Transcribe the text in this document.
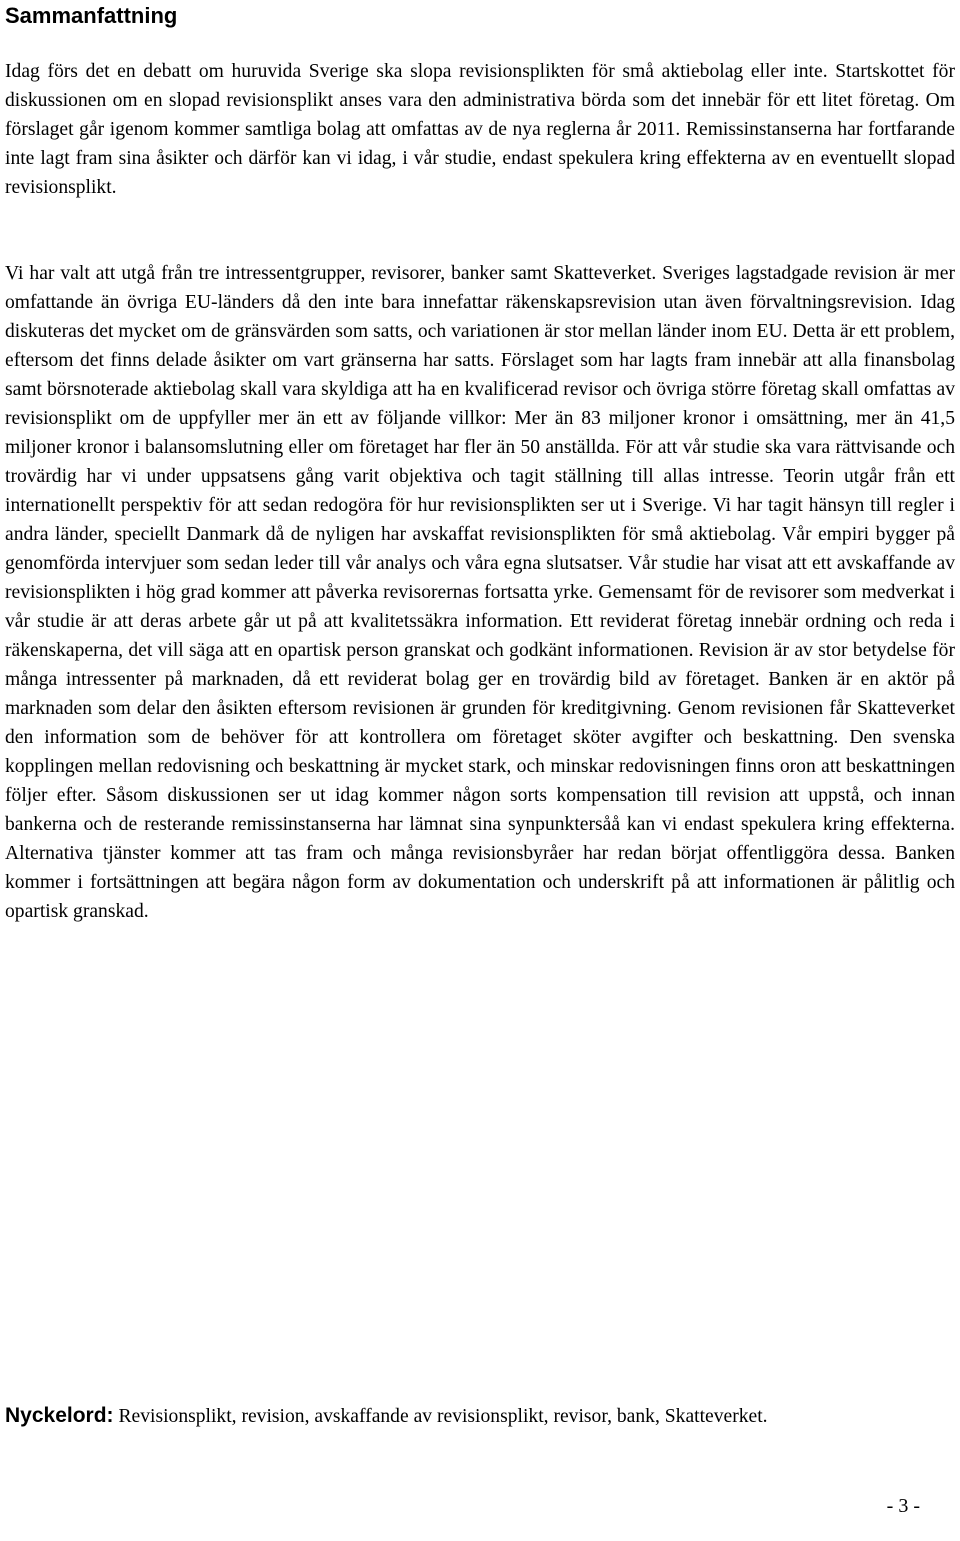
Sammanfattning

Idag förs det en debatt om huruvida Sverige ska slopa revisionsplikten för små aktiebolag eller inte. Startskottet för diskussionen om en slopad revisionsplikt anses vara den administrativa börda som det innebär för ett litet företag. Om förslaget går igenom kommer samtliga bolag att omfattas av de nya reglerna år 2011. Remissinstanserna har fortfarande inte lagt fram sina åsikter och därför kan vi idag, i vår studie, endast spekulera kring effekterna av en eventuellt slopad revisionsplikt.

Vi har valt att utgå från tre intressentgrupper, revisorer, banker samt Skatteverket. Sveriges lagstadgade revision är mer omfattande än övriga EU-länders då den inte bara innefattar räkenskapsrevision utan även förvaltningsrevision. Idag diskuteras det mycket om de gränsvärden som satts, och variationen är stor mellan länder inom EU. Detta är ett problem, eftersom det finns delade åsikter om vart gränserna har satts. Förslaget som har lagts fram innebär att alla finansbolag samt börsnoterade aktiebolag skall vara skyldiga att ha en kvalificerad revisor och övriga större företag skall omfattas av revisionsplikt om de uppfyller mer än ett av följande villkor: Mer än 83 miljoner kronor i omsättning, mer än 41,5 miljoner kronor i balansomslutning eller om företaget har fler än 50 anställda. För att vår studie ska vara rättvisande och trovärdig har vi under uppsatsens gång varit objektiva och tagit ställning till allas intresse. Teorin utgår från ett internationellt perspektiv för att sedan redogöra för hur revisionsplikten ser ut i Sverige. Vi har tagit hänsyn till regler i andra länder, speciellt Danmark då de nyligen har avskaffat revisionsplikten för små aktiebolag. Vår empiri bygger på genomförda intervjuer som sedan leder till vår analys och våra egna slutsatser. Vår studie har visat att ett avskaffande av revisionsplikten i hög grad kommer att påverka revisorernas fortsatta yrke. Gemensamt för de revisorer som medverkat i vår studie är att deras arbete går ut på att kvalitetssäkra information. Ett reviderat företag innebär ordning och reda i räkenskaperna, det vill säga att en opartisk person granskat och godkänt informationen. Revision är av stor betydelse för många intressenter på marknaden, då ett reviderat bolag ger en trovärdig bild av företaget. Banken är en aktör på marknaden som delar den åsikten eftersom revisionen är grunden för kreditgivning. Genom revisionen får Skatteverket den information som de behöver för att kontrollera om företaget sköter avgifter och beskattning. Den svenska kopplingen mellan redovisning och beskattning är mycket stark, och minskar redovisningen finns oron att beskattningen följer efter. Såsom diskussionen ser ut idag kommer någon sorts kompensation till revision att uppstå, och innan bankerna och de resterande remissinstanserna har lämnat sina synpunktersåå kan vi endast spekulera kring effekterna. Alternativa tjänster kommer att tas fram och många revisionsbyråer har redan börjat offentliggöra dessa. Banken kommer i fortsättningen att begära någon form av dokumentation och underskrift på att informationen är pålitlig och opartisk granskad.

Nyckelord: Revisionsplikt, revision, avskaffande av revisionsplikt, revisor, bank, Skatteverket.

- 3 -
